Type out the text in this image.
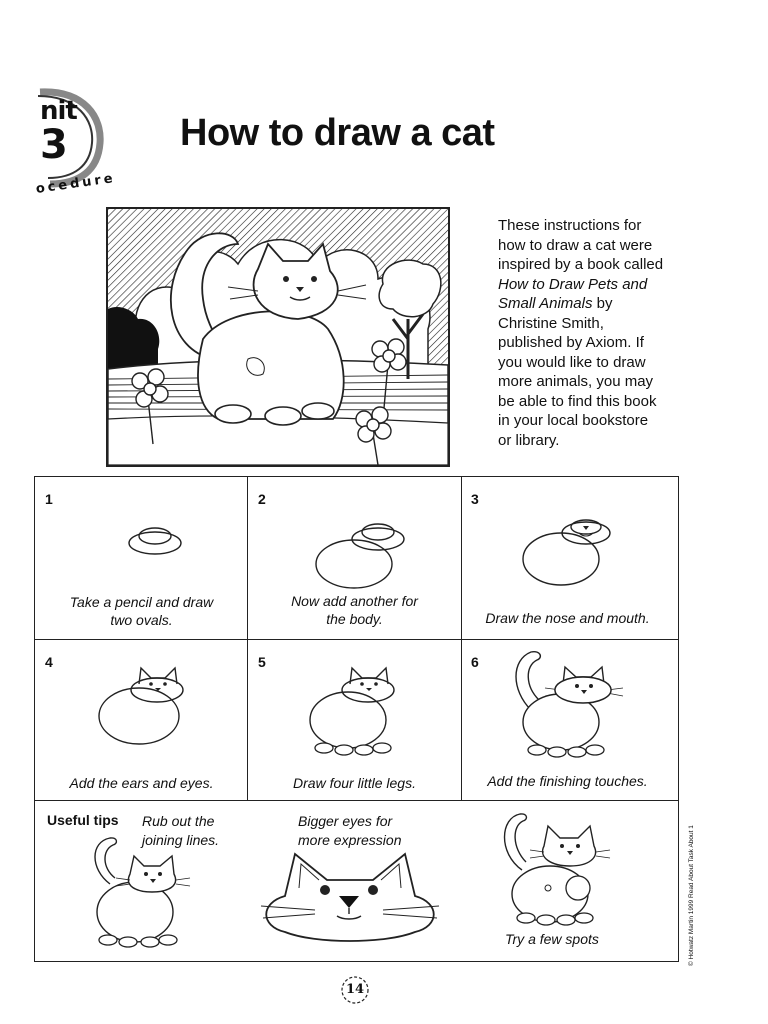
nit
3
ocedure
How to draw a cat
These instructions for
how to draw a cat were
inspired by a book called
How to Draw Pets and
Small Animals by
Christine Smith,
published by Axiom. If
you would like to draw
more animals, you may
be able to find this book
in your local bookstore
or library.
1
Take a pencil and draw
two ovals.
2
Now add another for
the body.
3
Draw the nose and mouth.
4
Add the ears and eyes.
5
Draw four little legs.
6
Add the finishing touches.
Useful tips Rub out the
joining lines.
Bigger eyes for
more expression
Try a few spots	© Hotwatz Martin 1999 Read About Task About 1
14
